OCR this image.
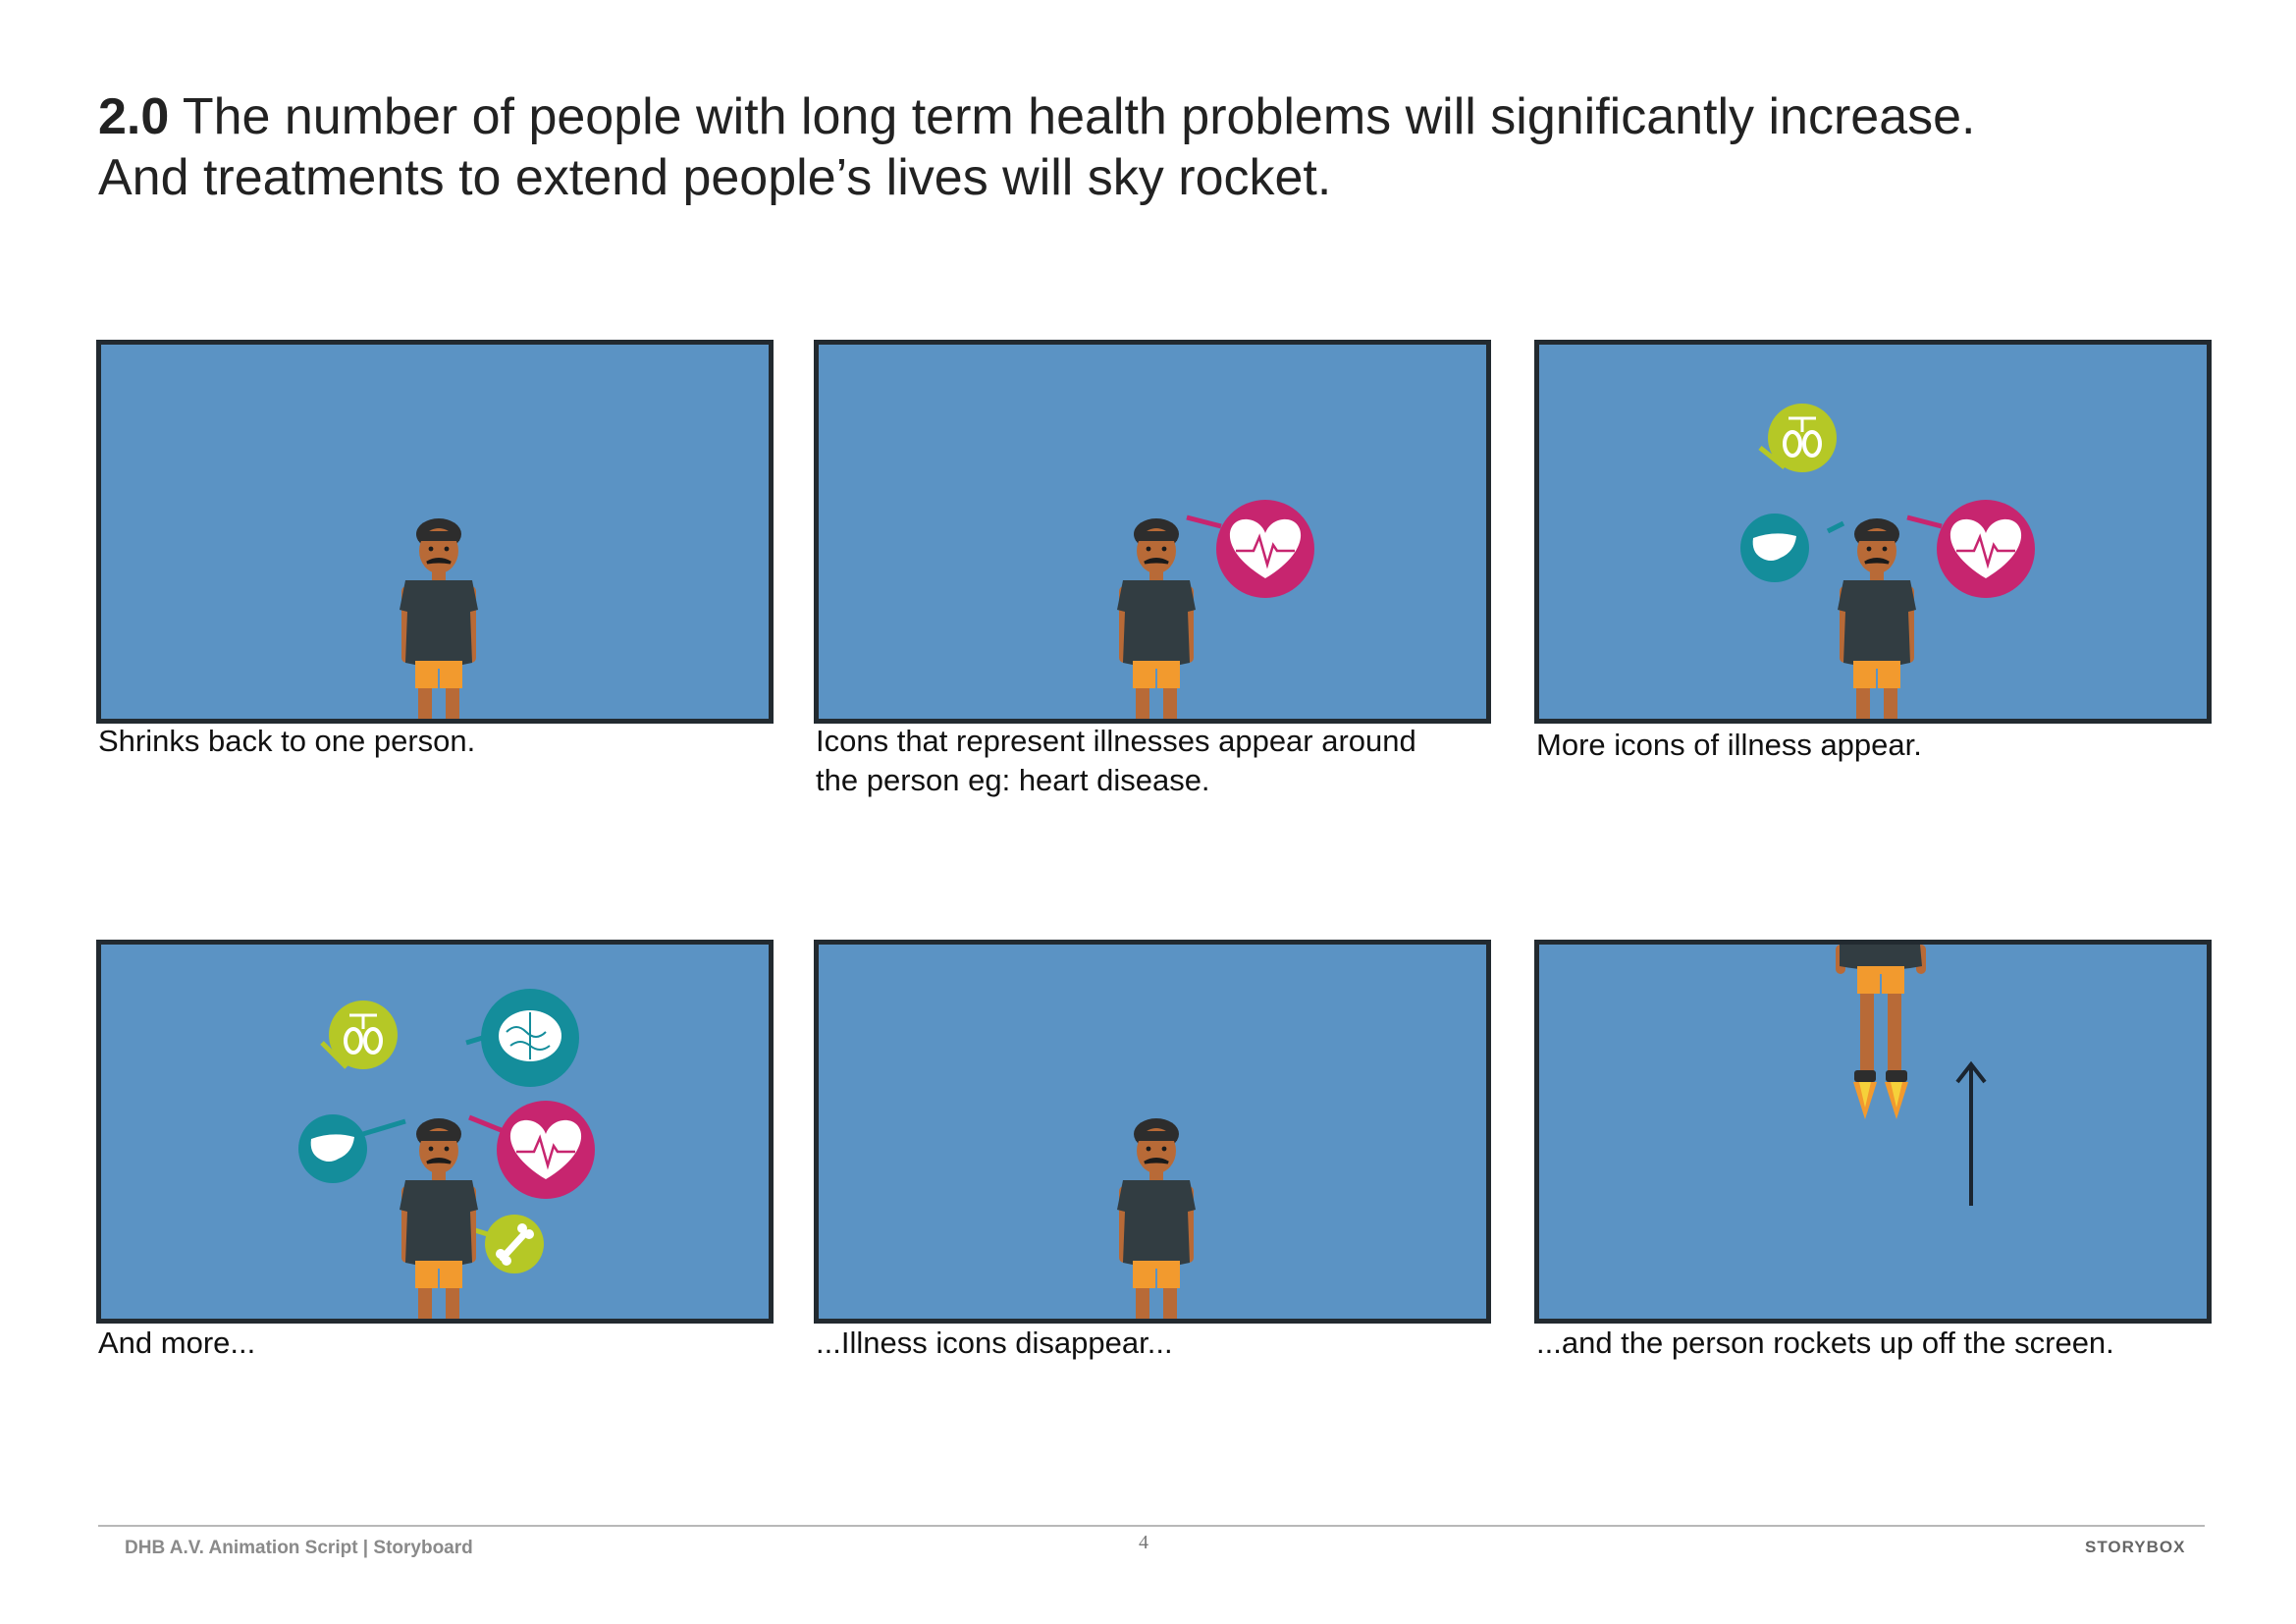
2.0 The number of people with long term health problems will significantly increase.
And treatments to extend people’s lives will sky rocket.
Shrinks back to one person.	Icons that represent illnesses appear around
the person eg: heart disease.
More icons of illness appear.
And more...	...Illness icons disappear...	...and the person rockets up off the screen.
DHB A.V. Animation Script | Storyboard	4	STORYBOX
